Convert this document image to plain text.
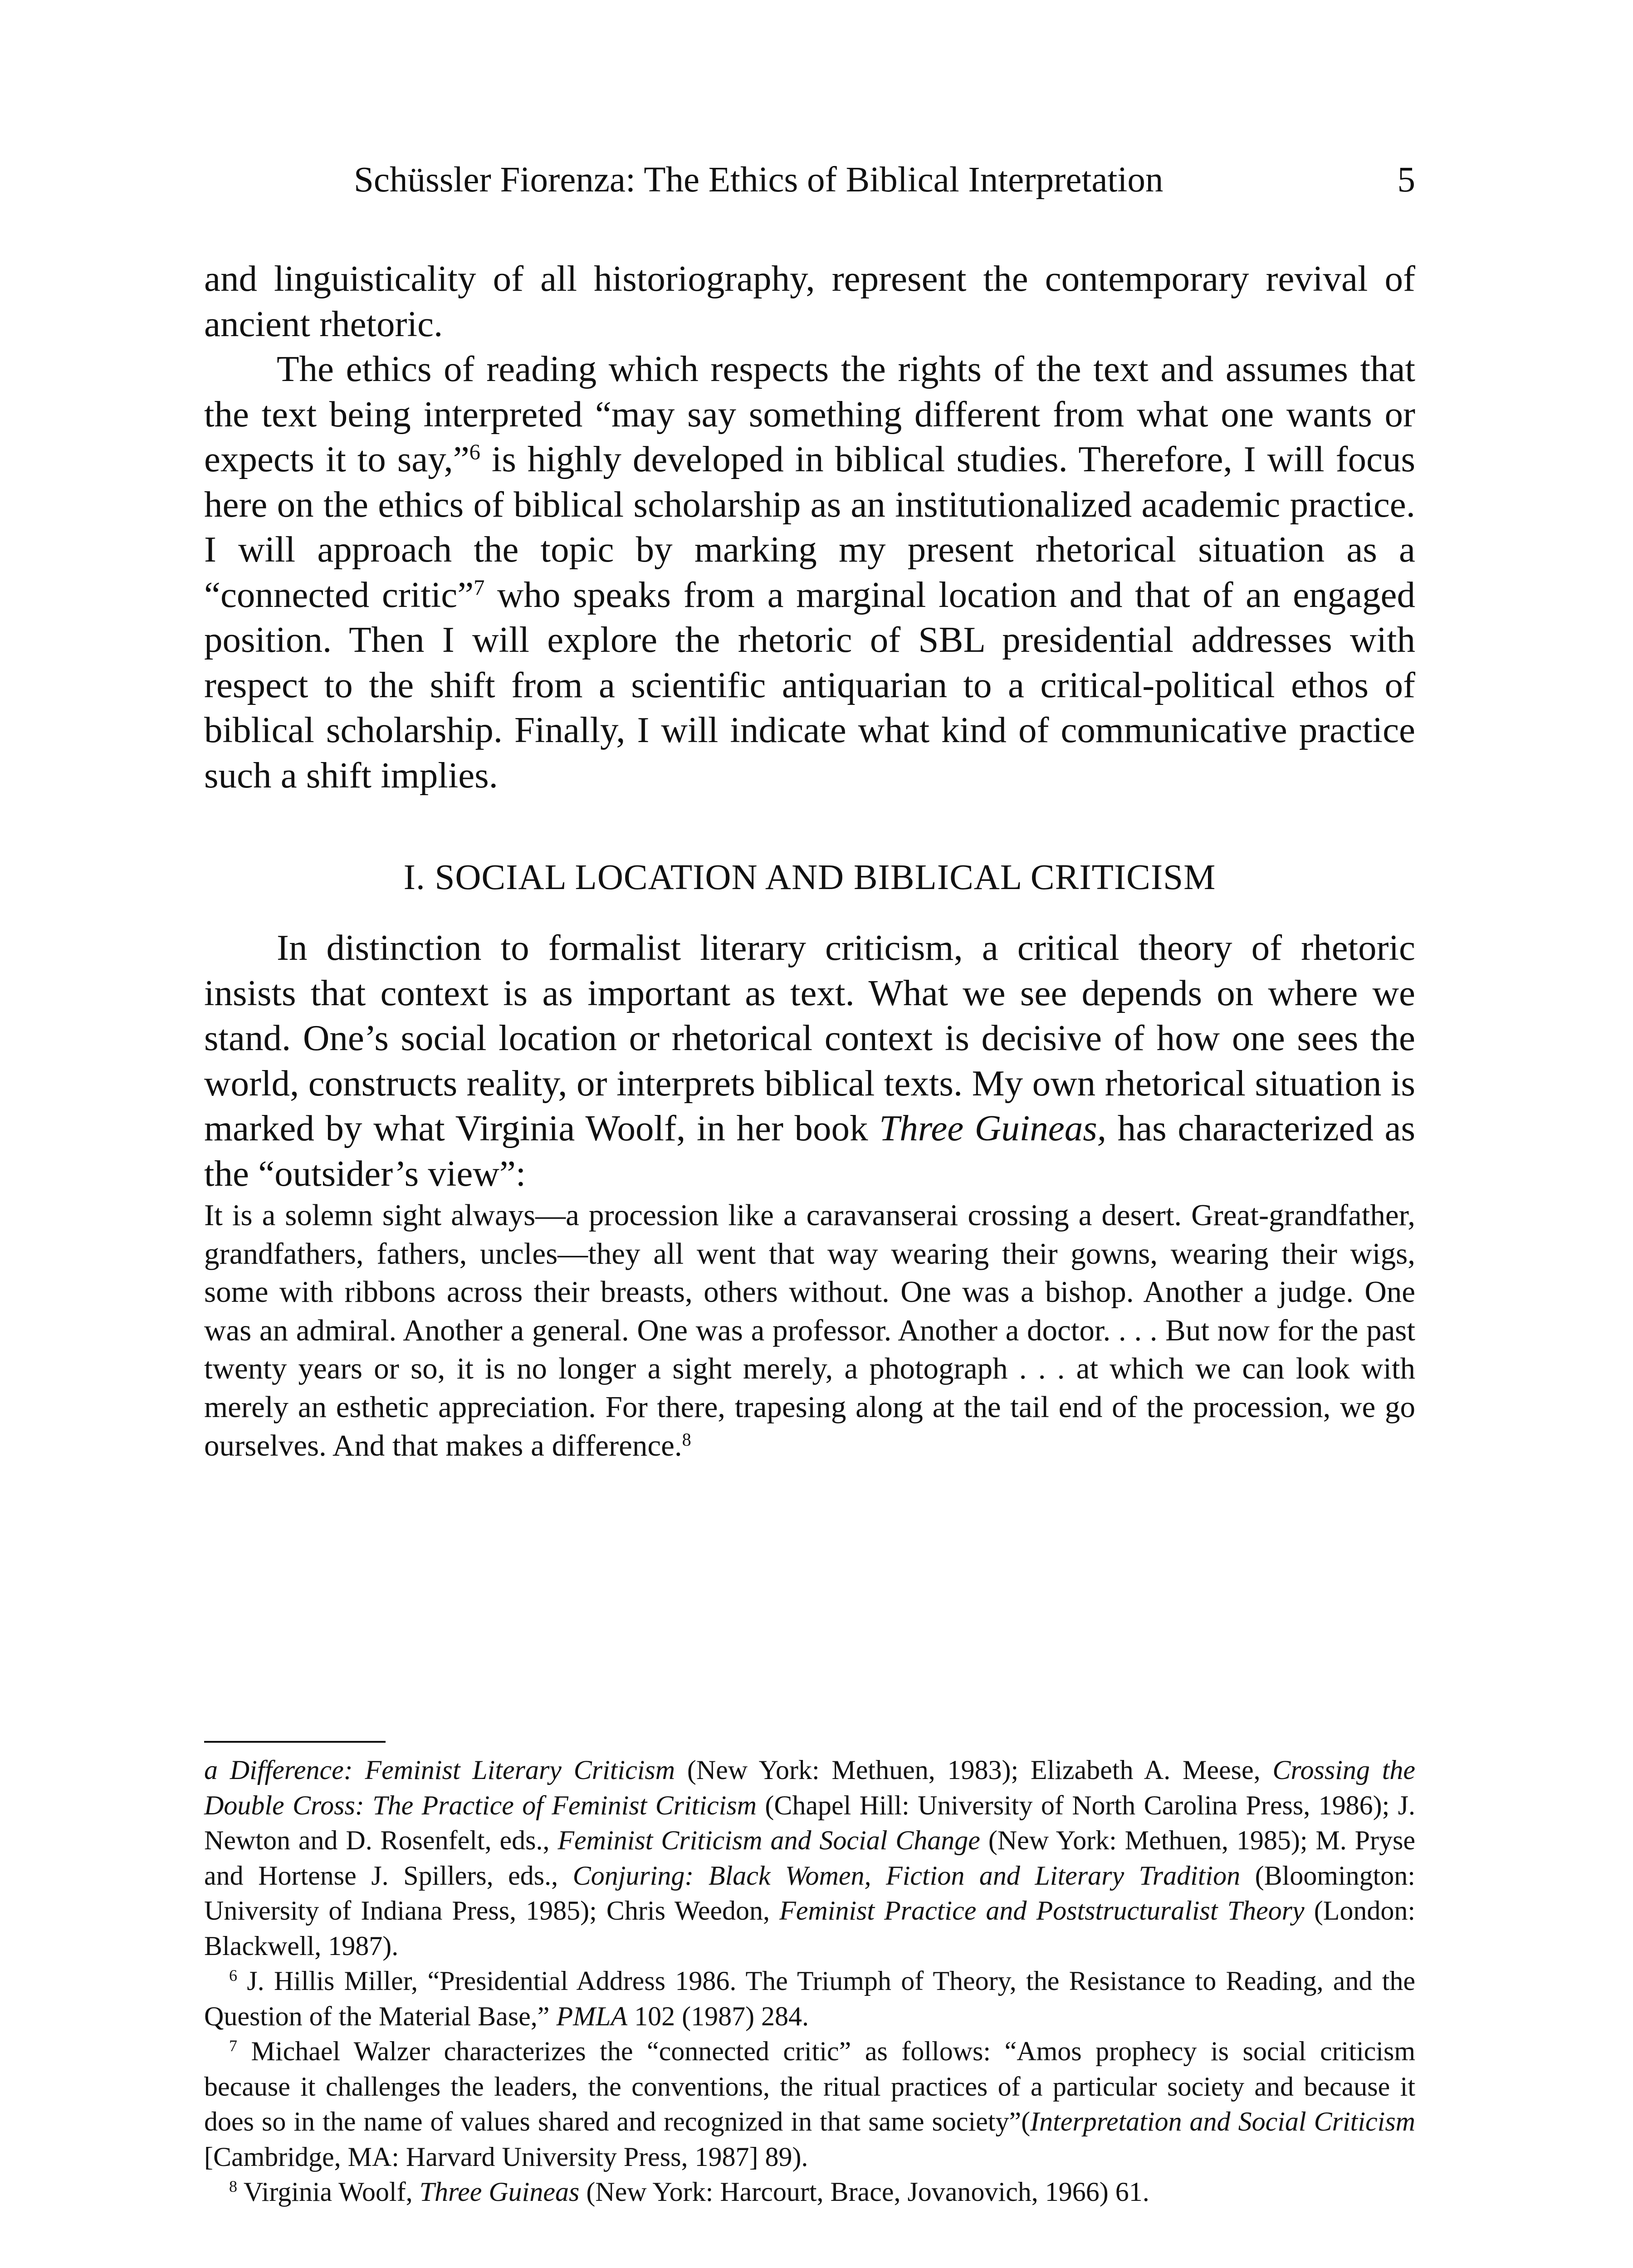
Schüssler Fiorenza: The Ethics of Biblical Interpretation	5

and linguisticality of all historiography, represent the contemporary revival of ancient rhetoric.

The ethics of reading which respects the rights of the text and assumes that the text being interpreted “may say something different from what one wants or expects it to say,”$^6$ is highly developed in biblical studies. Therefore, I will focus here on the ethics of biblical scholarship as an institutionalized academic practice. I will approach the topic by marking my present rhetorical situation as a “connected critic”$^7$ who speaks from a marginal location and that of an engaged position. Then I will explore the rhetoric of SBL presidential addresses with respect to the shift from a scientific antiquarian to a critical-political ethos of biblical scholarship. Finally, I will indicate what kind of communicative practice such a shift implies.

I. SOCIAL LOCATION AND BIBLICAL CRITICISM

In distinction to formalist literary criticism, a critical theory of rhetoric insists that context is as important as text. What we see depends on where we stand. One’s social location or rhetorical context is decisive of how one sees the world, constructs reality, or interprets biblical texts. My own rhetorical situation is marked by what Virginia Woolf, in her book Three Guineas, has characterized as the “outsider’s view”:

It is a solemn sight always—a procession like a caravanserai crossing a desert. Great-grandfather, grandfathers, fathers, uncles—they all went that way wearing their gowns, wearing their wigs, some with ribbons across their breasts, others without. One was a bishop. Another a judge. One was an admiral. Another a general. One was a professor. Another a doctor. . . . But now for the past twenty years or so, it is no longer a sight merely, a photograph . . . at which we can look with merely an esthetic appreciation. For there, trapesing along at the tail end of the procession, we go ourselves. And that makes a difference.$^8$

a Difference: Feminist Literary Criticism (New York: Methuen, 1983); Elizabeth A. Meese, Crossing the Double Cross: The Practice of Feminist Criticism (Chapel Hill: University of North Carolina Press, 1986); J. Newton and D. Rosenfelt, eds., Feminist Criticism and Social Change (New York: Methuen, 1985); M. Pryse and Hortense J. Spillers, eds., Conjuring: Black Women, Fiction and Literary Tradition (Bloomington: University of Indiana Press, 1985); Chris Weedon, Feminist Practice and Poststructuralist Theory (London: Blackwell, 1987).

$^6$ J. Hillis Miller, “Presidential Address 1986. The Triumph of Theory, the Resistance to Reading, and the Question of the Material Base,” PMLA 102 (1987) 284.

$^7$ Michael Walzer characterizes the “connected critic” as follows: “Amos prophecy is social criticism because it challenges the leaders, the conventions, the ritual practices of a particular society and because it does so in the name of values shared and recognized in that same society”(Interpretation and Social Criticism [Cambridge, MA: Harvard University Press, 1987] 89).

$^8$ Virginia Woolf, Three Guineas (New York: Harcourt, Brace, Jovanovich, 1966) 61.
